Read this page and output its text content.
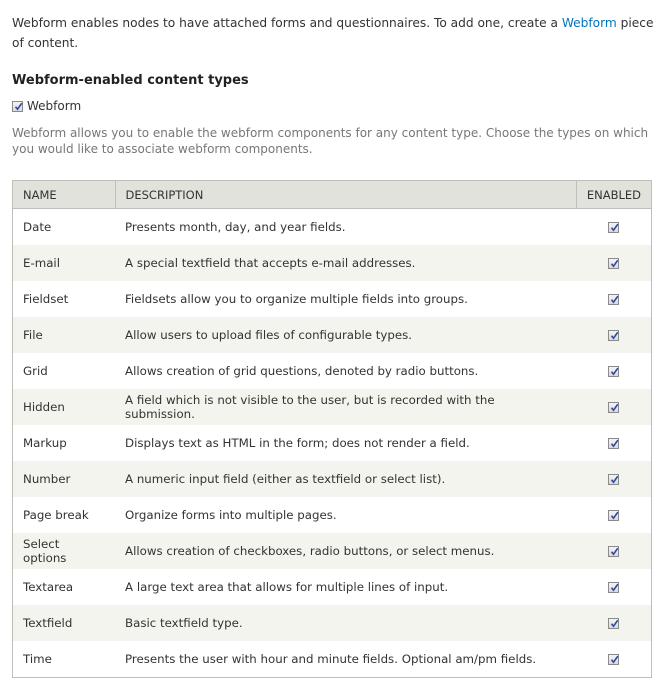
Webform enables nodes to have attached forms and questionnaires. To add one, create a Webform piece of content.
Webform-enabled content types
Webform
Webform allows you to enable the webform components for any content type. Choose the types on which you would like to associate webform components.
NAME	DESCRIPTION	ENABLED
Date	Presents month, day, and year fields.	

E-mail	A special textfield that accepts e-mail addresses.	

Fieldset	Fieldsets allow you to organize multiple fields into groups.	

File	Allow users to upload files of configurable types.	

Grid	Allows creation of grid questions, denoted by radio buttons.	

Hidden	A field which is not visible to the user, but is recorded with the submission.	

Markup	Displays text as HTML in the form; does not render a field.	

Number	A numeric input field (either as textfield or select list).	

Page break	Organize forms into multiple pages.	

Select options	Allows creation of checkboxes, radio buttons, or select menus.	

Textarea	A large text area that allows for multiple lines of input.	

Textfield	Basic textfield type.	

Time	Presents the user with hour and minute fields. Optional am/pm fields.	
